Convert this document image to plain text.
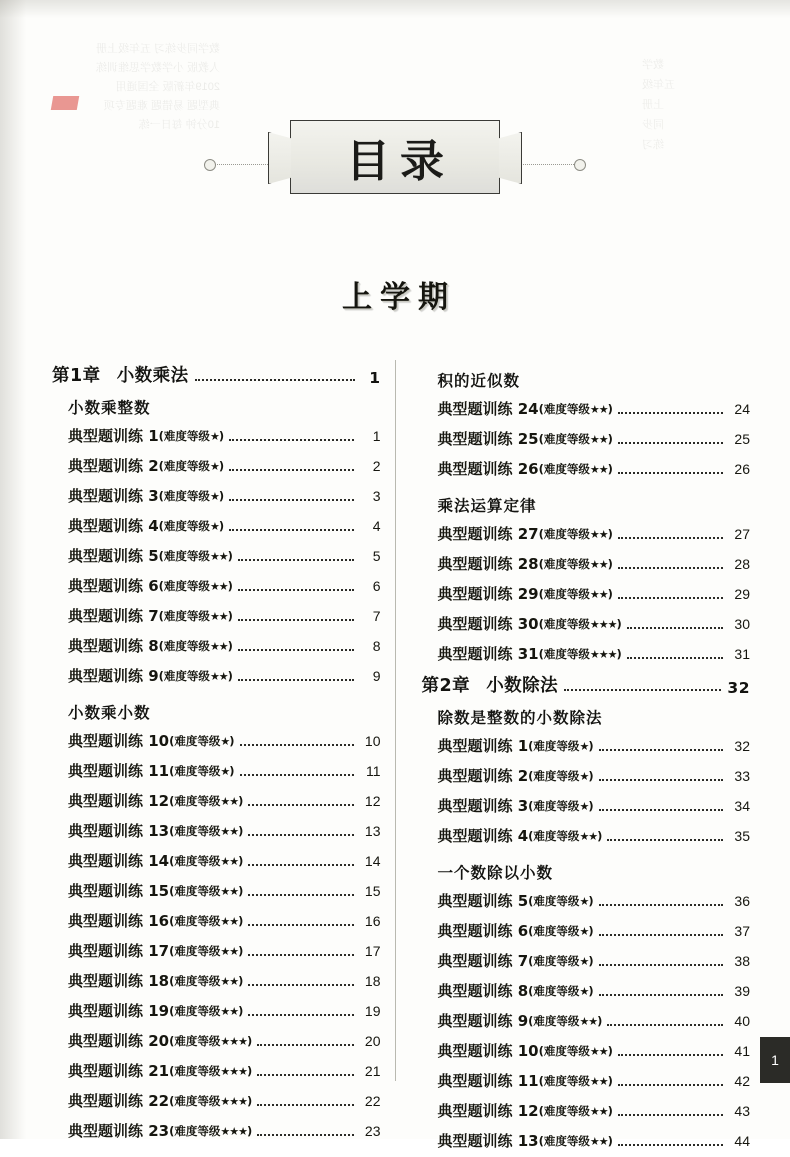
数学同步练习 五年级上册
人教版 小学数学思维训练
2019年新版 全国通用
典型题 易错题 难题专项
10分钟 每日一练
数学
五年级
上册
同步
练习
目录
上学期
第1章 小数乘法	1
小数乘整数
典型题训练 1 (难度等级★)	1
典型题训练 2 (难度等级★)	2
典型题训练 3 (难度等级★)	3
典型题训练 4 (难度等级★)	4
典型题训练 5 (难度等级★★)	5
典型题训练 6 (难度等级★★)	6
典型题训练 7 (难度等级★★)	7
典型题训练 8 (难度等级★★)	8
典型题训练 9 (难度等级★★)	9
小数乘小数
典型题训练 10 (难度等级★)	10
典型题训练 11 (难度等级★)	11
典型题训练 12 (难度等级★★)	12
典型题训练 13 (难度等级★★)	13
典型题训练 14 (难度等级★★)	14
典型题训练 15 (难度等级★★)	15
典型题训练 16 (难度等级★★)	16
典型题训练 17 (难度等级★★)	17
典型题训练 18 (难度等级★★)	18
典型题训练 19 (难度等级★★)	19
典型题训练 20 (难度等级★★★)	20
典型题训练 21 (难度等级★★★)	21
典型题训练 22 (难度等级★★★)	22
典型题训练 23 (难度等级★★★)	23
积的近似数
典型题训练 24 (难度等级★★)	24
典型题训练 25 (难度等级★★)	25
典型题训练 26 (难度等级★★)	26
乘法运算定律
典型题训练 27 (难度等级★★)	27
典型题训练 28 (难度等级★★)	28
典型题训练 29 (难度等级★★)	29
典型题训练 30 (难度等级★★★)	30
典型题训练 31 (难度等级★★★)	31
第2章 小数除法	32
除数是整数的小数除法
典型题训练 1 (难度等级★)	32
典型题训练 2 (难度等级★)	33
典型题训练 3 (难度等级★)	34
典型题训练 4 (难度等级★★)	35
一个数除以小数
典型题训练 5 (难度等级★)	36
典型题训练 6 (难度等级★)	37
典型题训练 7 (难度等级★)	38
典型题训练 8 (难度等级★)	39
典型题训练 9 (难度等级★★)	40
典型题训练 10 (难度等级★★)	41
典型题训练 11 (难度等级★★)	42
典型题训练 12 (难度等级★★)	43
典型题训练 13 (难度等级★★)	44
1
